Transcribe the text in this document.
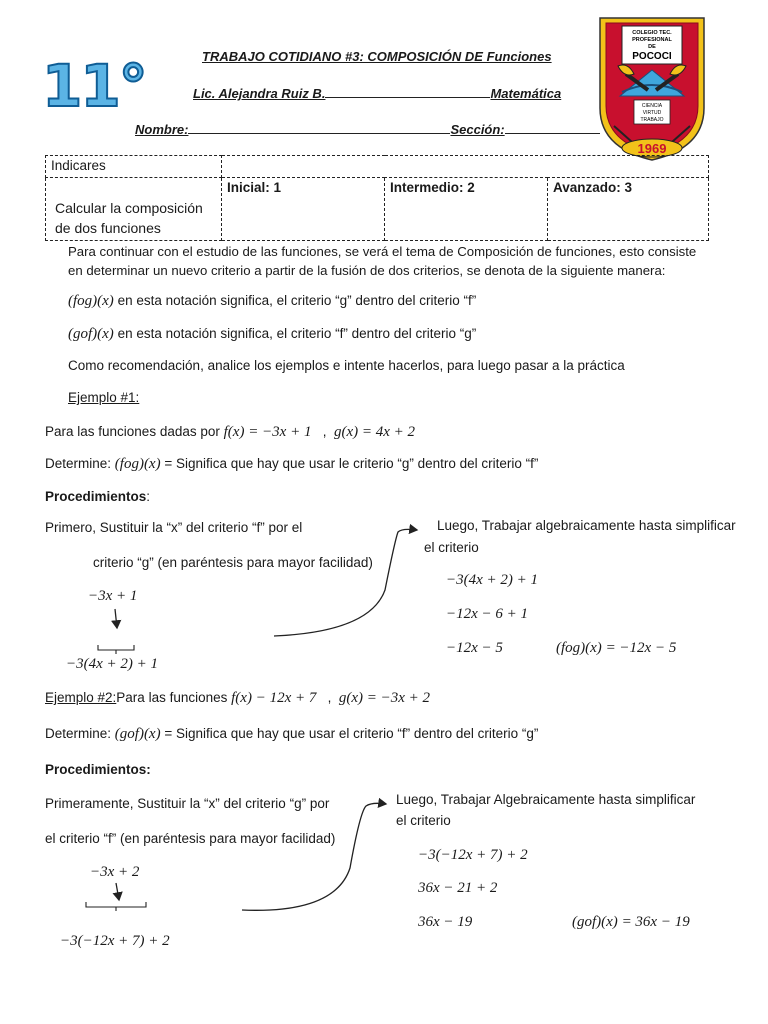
11°	TRABAJO COTIDIANO #3: COMPOSICIÓN DE Funciones
Lic. Alejandra Ruiz B.	Matemática
Nombre:	Sección:
COLEGIO TEC.
PROFESIONAL
DE
POCOCI
CIENCIA
VIRTUD
TRABAJO
1969
Indicares			
Calcular la composición de dos funciones	Inicial: 1	Intermedio: 2	Avanzado: 3
Para continuar con el estudio de las funciones, se verá el tema de Composición de funciones, esto consiste
en determinar un nuevo criterio a partir de la fusión de dos criterios, se denota de la siguiente manera:
(fog)(x) en esta notación significa, el criterio “g” dentro del criterio “f”
(gof)(x) en esta notación significa, el criterio “f” dentro del criterio “g”
Como recomendación, analice los ejemplos e intente hacerlos, para luego pasar a la práctica
Ejemplo #1:
Para las funciones dadas por f(x) = −3x + 1   ,  g(x) = 4x + 2
Determine: (fog)(x) = Significa que hay que usar le criterio “g” dentro del criterio “f”
Procedimientos:
Primero, Sustituir la “x” del criterio “f” por el
criterio “g” (en paréntesis para mayor facilidad)
−3x + 1
−3(4x + 2) + 1
Luego, Trabajar algebraicamente hasta simplificar
el criterio
−3(4x + 2) + 1
−12x − 6 + 1
−12x − 5	(fog)(x) = −12x − 5
Ejemplo #2:Para las funciones f(x) − 12x + 7   ,  g(x) = −3x + 2
Determine: (gof)(x) = Significa que hay que usar el criterio “f” dentro del criterio “g”
Procedimientos:
Primeramente, Sustituir la “x” del criterio “g” por
el criterio “f” (en paréntesis para mayor facilidad)
−3x + 2
−3(−12x + 7) + 2
Luego, Trabajar Algebraicamente hasta simplificar
el criterio
−3(−12x + 7) + 2
36x − 21 + 2
36x − 19	(gof)(x) = 36x − 19
